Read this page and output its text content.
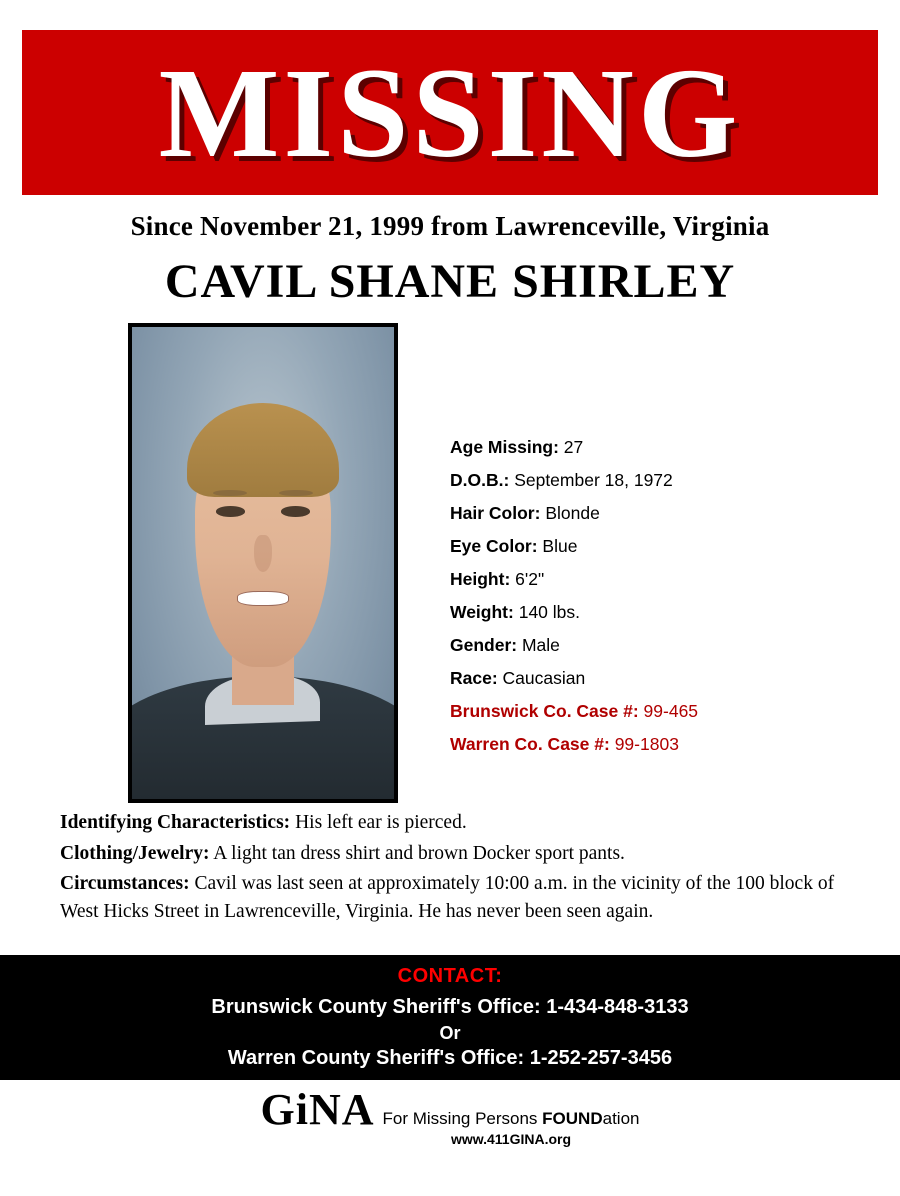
MISSING
Since November 21, 1999 from Lawrenceville, Virginia
CAVIL SHANE SHIRLEY
Age Missing: 27
D.O.B.: September 18, 1972
Hair Color: Blonde
Eye Color: Blue
Height: 6'2"
Weight: 140 lbs.
Gender: Male
Race: Caucasian
Brunswick Co. Case #: 99-465
Warren Co. Case #: 99-1803

Identifying Characteristics: His left ear is pierced.

Clothing/Jewelry: A light tan dress shirt and brown Docker sport pants.

Circumstances: Cavil was last seen at approximately 10:00 a.m. in the vicinity of the 100 block of West Hicks Street in Lawrenceville, Virginia. He has never been seen again.

CONTACT:
Brunswick County Sheriff's Office: 1-434-848-3133
Or
Warren County Sheriff's Office: 1-252-257-3456
GiNA For Missing Persons FOUNDation
www.411GINA.org
